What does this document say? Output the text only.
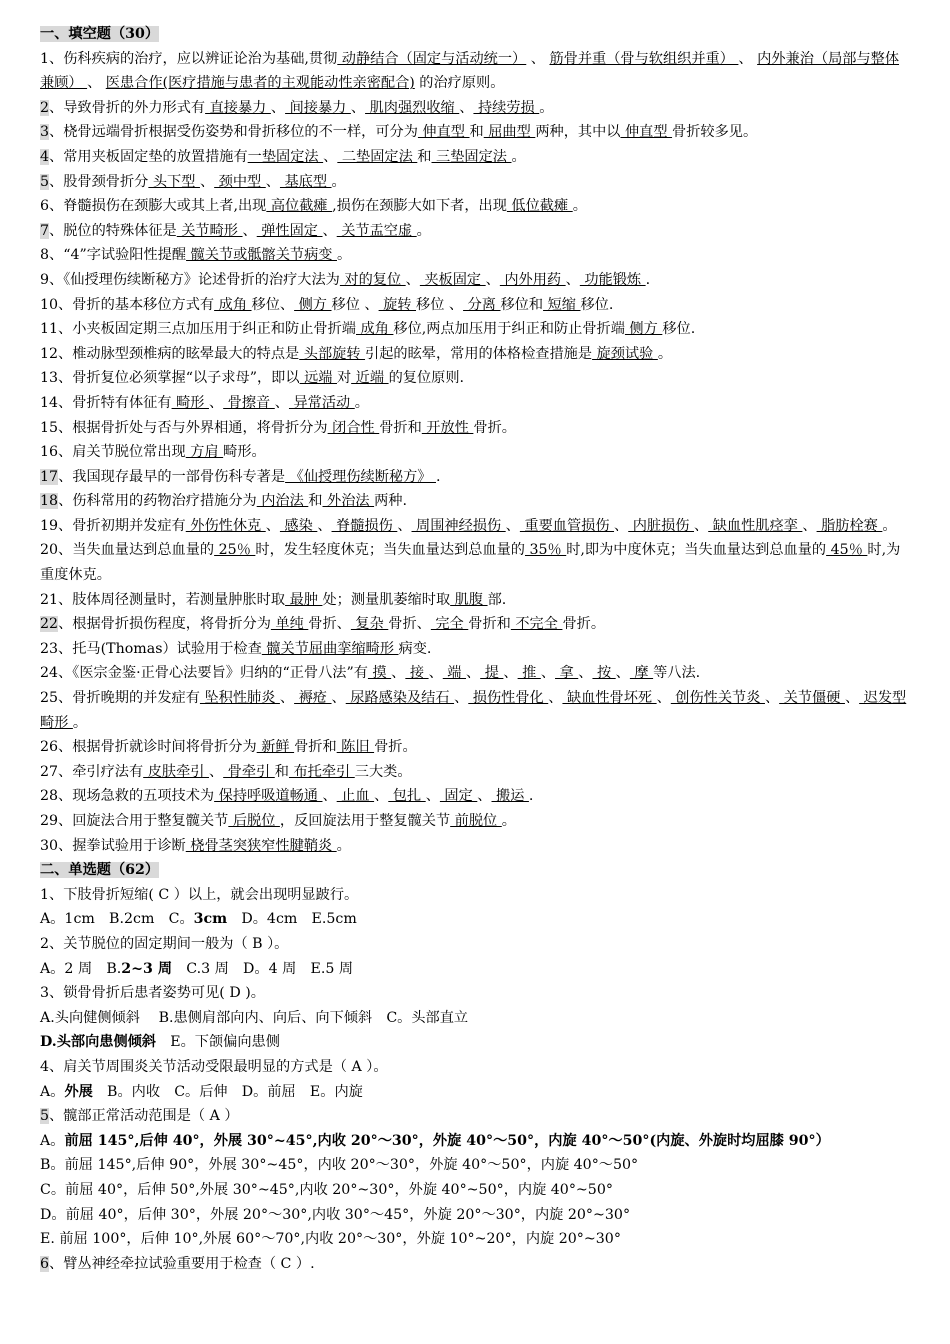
一、填空题（30）
1、伤科疾病的治疗，应以辨证论治为基础,贯彻 动静结合（固定与活动统一） 、 筋骨并重（骨与软组织并重） 、 内外兼治（局部与整体兼顾） 、 医患合作(医疗措施与患者的主观能动性亲密配合) 的治疗原则。
2、导致骨折的外力形式有 直接暴力 、 间接暴力 、 肌肉强烈收缩 、 持续劳损 。
3、桡骨远端骨折根据受伤姿势和骨折移位的不一样，可分为 伸直型 和 屈曲型 两种，其中以 伸直型 骨折较多见。
4、常用夹板固定垫的放置措施有一垫固定法 、 二垫固定法 和 三垫固定法 。
5、股骨颈骨折分 头下型 、 颈中型 、 基底型 。
6、脊髓损伤在颈膨大或其上者,出现 高位截瘫 ,损伤在颈膨大如下者，出现 低位截瘫 。
7、脱位的特殊体征是 关节畸形 、 弹性固定 、 关节盂空虚 。
8、“4”字试验阳性提醒 髋关节或骶髂关节病变 。
9、《仙授理伤续断秘方》论述骨折的治疗大法为 对的复位 、 夹板固定 、 内外用药 、 功能锻炼 .
10、骨折的基本移位方式有 成角 移位、 侧方 移位 、 旋转 移位 、 分离 移位和 短缩 移位.
11、小夹板固定期三点加压用于纠正和防止骨折端 成角 移位,两点加压用于纠正和防止骨折端 侧方 移位.
12、椎动脉型颈椎病的眩晕最大的特点是 头部旋转 引起的眩晕，常用的体格检查措施是 旋颈试验 。
13、骨折复位必须掌握“以子求母”，即以 远端 对 近端 的复位原则.
14、骨折特有体征有 畸形 、 骨擦音 、 异常活动 。
15、根据骨折处与否与外界相通，将骨折分为 闭合性 骨折和 开放性 骨折。
16、肩关节脱位常出现 方肩 畸形。
17、我国现存最早的一部骨伤科专著是 《仙授理伤续断秘方》 .
18、伤科常用的药物治疗措施分为 内治法 和 外治法 两种.
19、骨折初期并发症有 外伤性休克 、 感染 、 脊髓损伤 、 周围神经损伤 、 重要血管损伤 、 内脏损伤 、 缺血性肌痉挛 、 脂肪栓赛 。
20、当失血量达到总血量的 25％ 时，发生轻度休克；当失血量达到总血量的 35％ 时,即为中度休克；当失血量达到总血量的 45％ 时,为重度休克。
21、肢体周径测量时，若测量肿胀时取 最肿 处；测量肌萎缩时取 肌腹 部.
22、根据骨折损伤程度，将骨折分为 单纯 骨折、 复杂 骨折、 完全 骨折和 不完全 骨折。
23、托马(Thomas）试验用于检查 髋关节屈曲挛缩畸形 病变.
24、《医宗金鉴·正骨心法要旨》归纳的“正骨八法”有 摸 、 接 、 端 、 提 、 推 、 拿 、 按 、 摩 等八法.
25、骨折晚期的并发症有 坠积性肺炎 、 褥疮 、 尿路感染及结石 、 损伤性骨化 、 缺血性骨坏死 、 创伤性关节炎 、 关节僵硬 、 迟发型畸形 。
26、根据骨折就诊时间将骨折分为 新鲜 骨折和 陈旧 骨折。
27、牵引疗法有 皮肤牵引 、 骨牵引 和 布托牵引 三大类。
28、现场急救的五项技术为 保持呼吸道畅通 、 止血 、 包扎 、 固定 、 搬运 .
29、回旋法合用于整复髋关节 后脱位 ，反回旋法用于整复髋关节 前脱位 。
30、握拳试验用于诊断 桡骨茎突狭窄性腱鞘炎 。
二、单选题（62）
1、下肢骨折短缩( C ）以上，就会出现明显跛行。
A。1cm　B.2cm　C。3cm　D。4cm　E.5cm
2、关节脱位的固定期间一般为（ B ）。
A。2 周　B.2~3 周　C.3 周　D。4 周　E.5 周
3、锁骨骨折后患者姿势可见( D )。
A.头向健侧倾斜　 B.患侧肩部向内、向后、向下倾斜　C。头部直立
D.头部向患侧倾斜　E。下颌偏向患侧
4、肩关节周围炎关节活动受限最明显的方式是（ A ）。
A。外展　B。内收　C。后伸　D。前屈　E。内旋
5、髋部正常活动范围是（ A ）
A。前屈 145°,后伸 40°，外展 30°~45°,内收 20°～30°，外旋 40°～50°，内旋 40°～50°(内旋、外旋时均屈膝 90°）
B。前屈 145°,后伸 90°，外展 30°~45°，内收 20°～30°，外旋 40°～50°，内旋 40°～50°
C。前屈 40°，后伸 50°,外展 30°~45°,内收 20°~30°，外旋 40°~50°，内旋 40°~50°
D。前屈 40°，后伸 30°，外展 20°～30°,内收 30°～45°，外旋 20°～30°，内旋 20°~30°
E. 前屈 100°，后伸 10°,外展 60°～70°,内收 20°～30°，外旋 10°~20°，内旋 20°~30°
6、臂丛神经牵拉试验重要用于检查（ C ）.
